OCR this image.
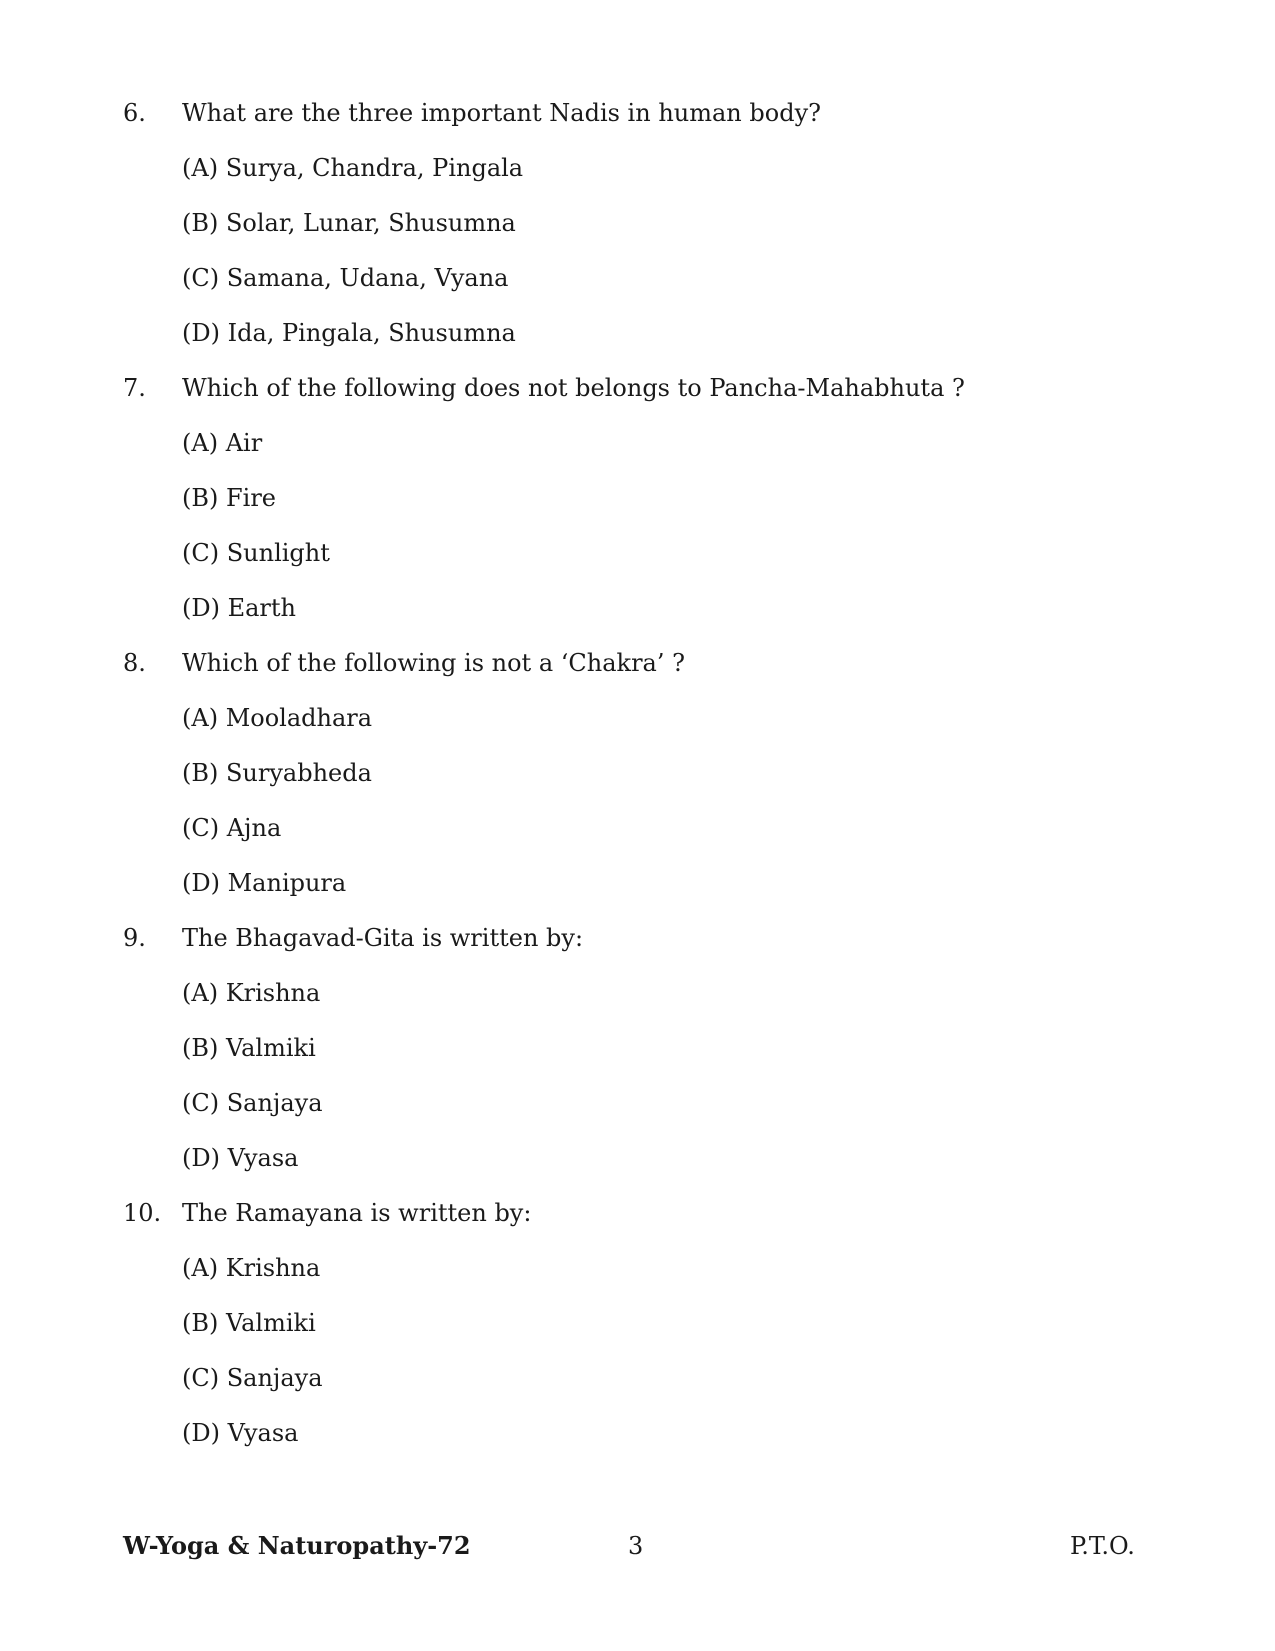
6. What are the three important Nadis in human body?
(A) Surya, Chandra, Pingala
(B) Solar, Lunar, Shusumna
(C) Samana, Udana, Vyana
(D) Ida, Pingala, Shusumna
7. Which of the following does not belongs to Pancha-Mahabhuta ?
(A) Air
(B) Fire
(C) Sunlight
(D) Earth
8. Which of the following is not a ‘Chakra’ ?
(A) Mooladhara
(B) Suryabheda
(C) Ajna
(D) Manipura
9. The Bhagavad-Gita is written by:
(A) Krishna
(B) Valmiki
(C) Sanjaya
(D) Vyasa
10. The Ramayana is written by:
(A) Krishna
(B) Valmiki
(C) Sanjaya
(D) Vyasa
W-Yoga & Naturopathy-72	3	P.T.O.
